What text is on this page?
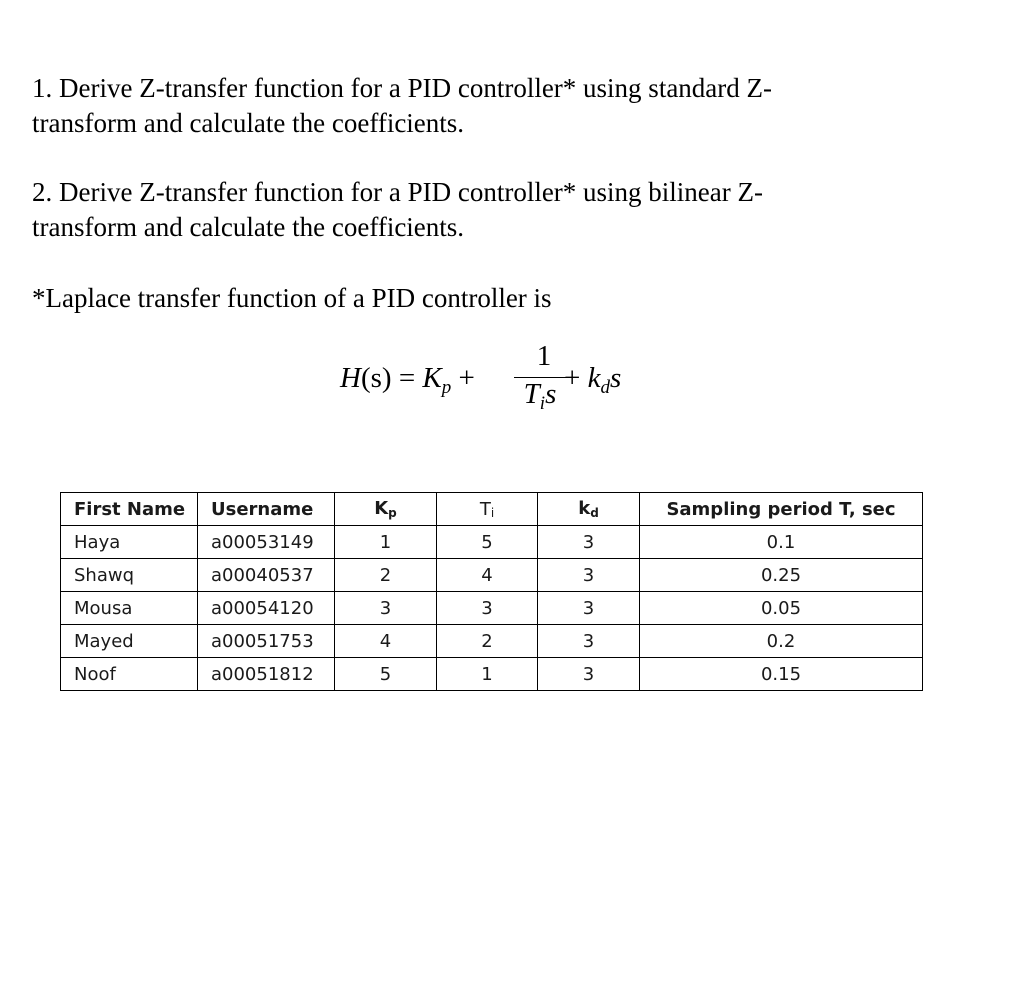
1. Derive Z-transfer function for a PID controller* using standard Z-
transform and calculate the coefficients.

2. Derive Z-transfer function for a PID controller* using bilinear Z-
transform and calculate the coefficients.

*Laplace transfer function of a PID controller is

$H(s) = K_p$ +
1
$T_is + k_ds$
First Name	Username	Kp	Ti	kd	Sampling period T, sec
Haya	a00053149	1	5	3	0.1
Shawq	a00040537	2	4	3	0.25
Mousa	a00054120	3	3	3	0.05
Mayed	a00051753	4	2	3	0.2
Noof	a00051812	5	1	3	0.15
